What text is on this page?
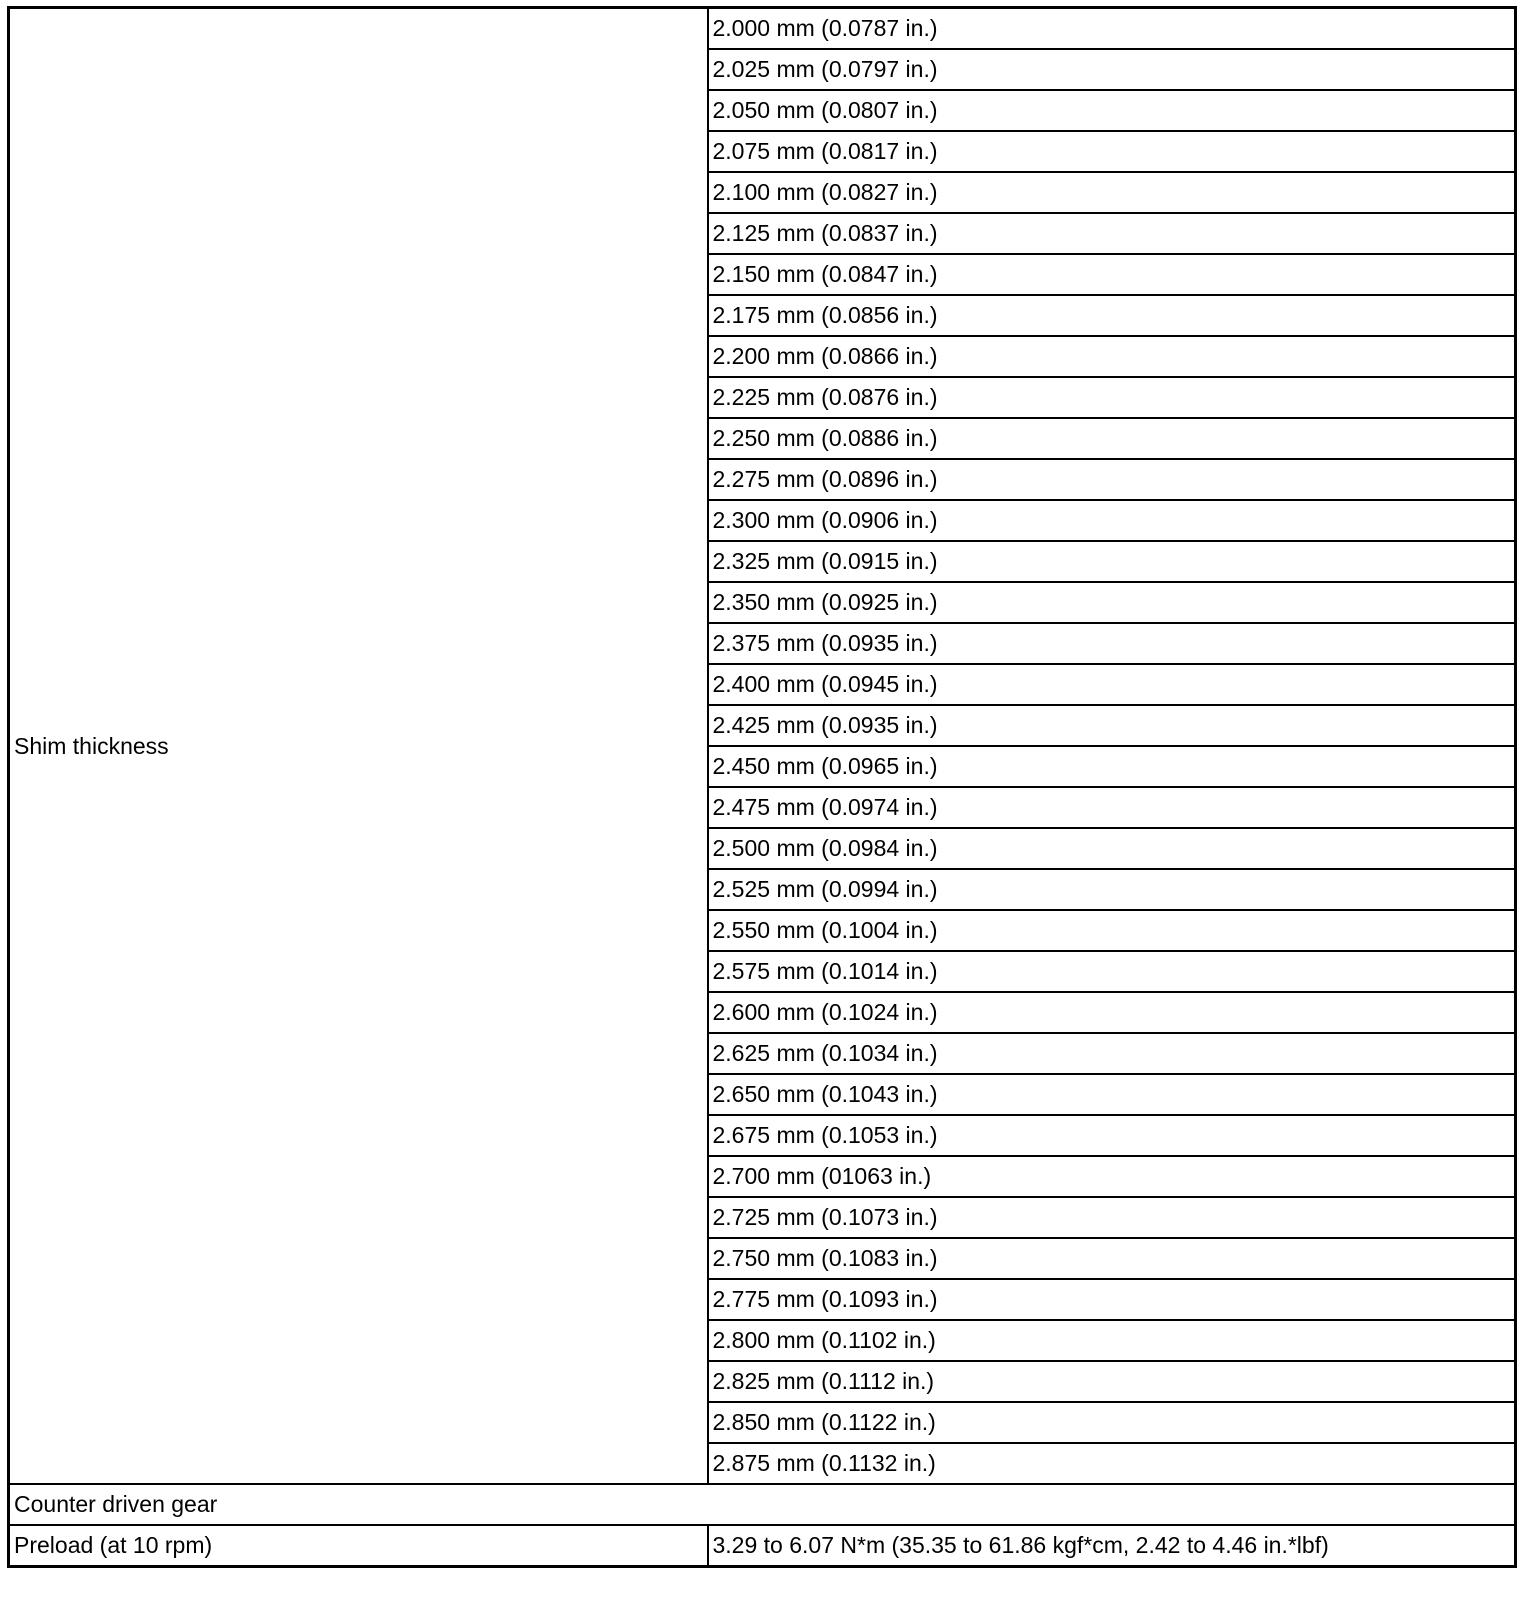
Shim thickness	2.000 mm (0.0787 in.)
	2.025 mm (0.0797 in.)
	2.050 mm (0.0807 in.)
	2.075 mm (0.0817 in.)
	2.100 mm (0.0827 in.)
	2.125 mm (0.0837 in.)
	2.150 mm (0.0847 in.)
	2.175 mm (0.0856 in.)
	2.200 mm (0.0866 in.)
	2.225 mm (0.0876 in.)
	2.250 mm (0.0886 in.)
	2.275 mm (0.0896 in.)
	2.300 mm (0.0906 in.)
	2.325 mm (0.0915 in.)
	2.350 mm (0.0925 in.)
	2.375 mm (0.0935 in.)
	2.400 mm (0.0945 in.)
	2.425 mm (0.0935 in.)
	2.450 mm (0.0965 in.)
	2.475 mm (0.0974 in.)
	2.500 mm (0.0984 in.)
	2.525 mm (0.0994 in.)
	2.550 mm (0.1004 in.)
	2.575 mm (0.1014 in.)
	2.600 mm (0.1024 in.)
	2.625 mm (0.1034 in.)
	2.650 mm (0.1043 in.)
	2.675 mm (0.1053 in.)
	2.700 mm (01063 in.)
	2.725 mm (0.1073 in.)
	2.750 mm (0.1083 in.)
	2.775 mm (0.1093 in.)
	2.800 mm (0.1102 in.)
	2.825 mm (0.1112 in.)
	2.850 mm (0.1122 in.)
	2.875 mm (0.1132 in.)
Counter driven gear	
Preload (at 10 rpm)	3.29 to 6.07 N*m (35.35 to 61.86 kgf*cm, 2.42 to 4.46 in.*lbf)
